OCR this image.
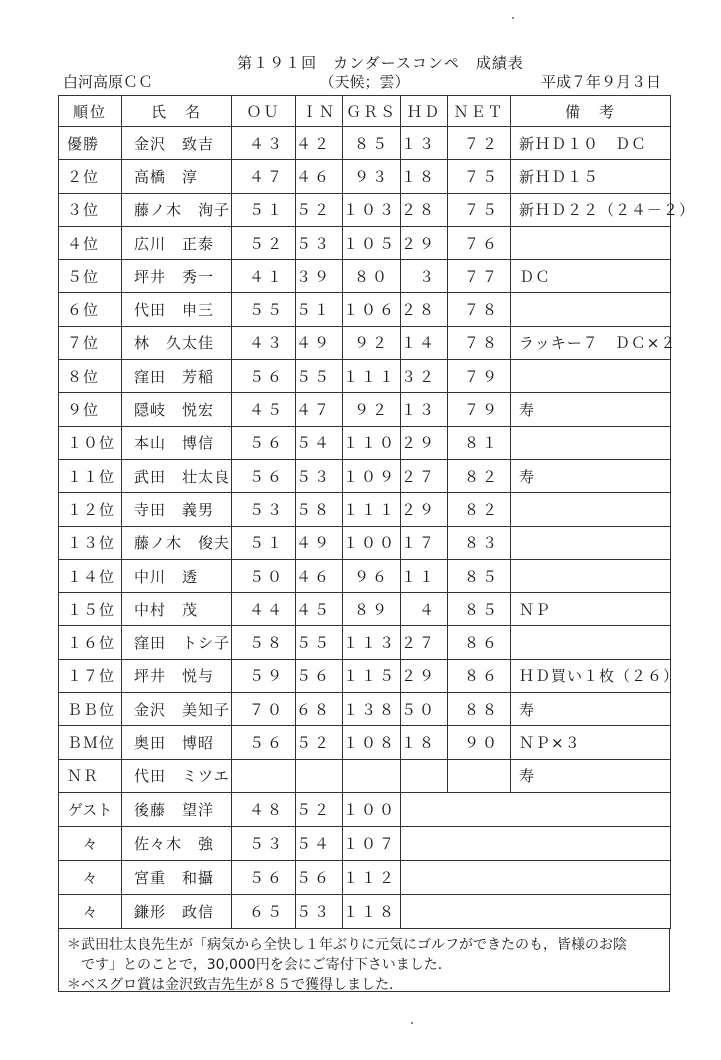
第１９１回　カンダースコンペ　成績表
（天候；雲）
白河高原ＣＣ	平成７年９月３日
順位	氏　名	ＯＵ	ＩＮ	ＧＲＳ	ＨＤ	ＮＥＴ	備　考
優勝	金沢　致吉	４３	４２	８５	１３	７２	新ＨＤ１０　ＤＣ
２位	高橋　淳	４７	４６	９３	１８	７５	新ＨＤ１５
３位	藤ノ木　洵子	５１	５２	１０３	２８	７５	新ＨＤ２２（２４－２）
４位	広川　正泰	５２	５３	１０５	２９	７６	
５位	坪井　秀一	４１	３９	８０	３	７７	ＤＣ
６位	代田　申三	５５	５１	１０６	２８	７８	
７位	林　久太佳	４３	４９	９２	１４	７８	ラッキー７　ＤＣ×２
８位	窪田　芳稲	５６	５５	１１１	３２	７９	
９位	隠岐　悦宏	４５	４７	９２	１３	７９	寿
１０位	本山　博信	５６	５４	１１０	２９	８１	
１１位	武田　壮太良	５６	５３	１０９	２７	８２	寿
１２位	寺田　義男	５３	５８	１１１	２９	８２	
１３位	藤ノ木　俊夫	５１	４９	１００	１７	８３	
１４位	中川　透	５０	４６	９６	１１	８５	
１５位	中村　茂	４４	４５	８９	４	８５	ＮＰ
１６位	窪田　トシ子	５８	５５	１１３	２７	８６	
１７位	坪井　悦与	５９	５６	１１５	２９	８６	ＨＤ買い１枚（２６）
ＢＢ位	金沢　美知子	７０	６８	１３８	５０	８８	寿
ＢＭ位	奥田　博昭	５６	５２	１０８	１８	９０	ＮＰ×３
ＮＲ	代田　ミツエ						寿
ゲスト	後藤　望洋	４８	５２	１００			
々	佐々木　強	５３	５４	１０７			
々	宮重　和攝	５６	５６	１１２			
々	鎌形　政信	６５	５３	１１８			
＊武田壮太良先生が「病気から全快し１年ぶりに元気にゴルフができたのも，皆様のお陰
です」とのことで，30,000円を会にご寄付下さいました．
＊ベスグロ賞は金沢致吉先生が８５で獲得しました．
